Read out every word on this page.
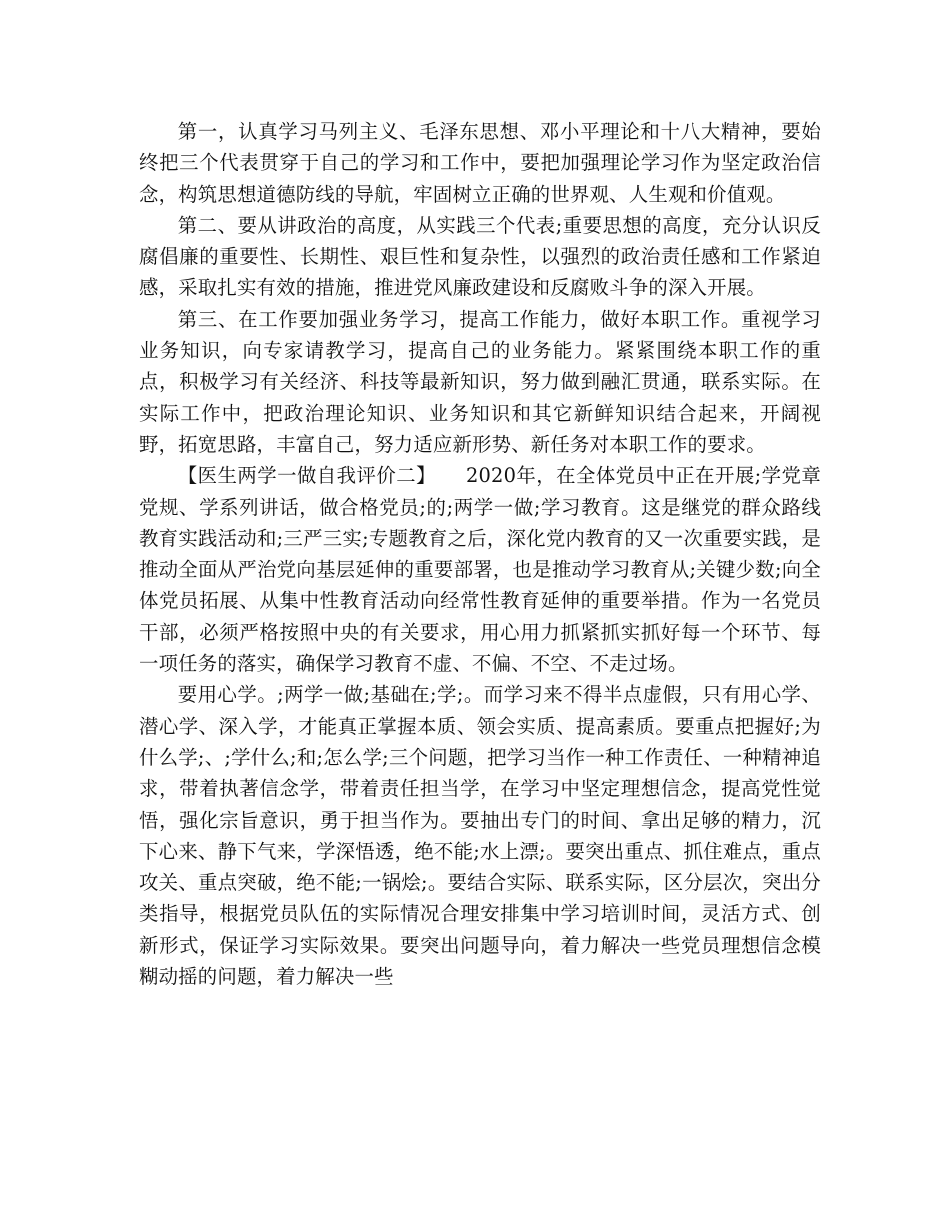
第一，认真学习马列主义、毛泽东思想、邓小平理论和十八大精神，要始终把三个代表贯穿于自己的学习和工作中，要把加强理论学习作为坚定政治信念，构筑思想道德防线的导航，牢固树立正确的世界观、人生观和价值观。

第二、要从讲政治的高度，从实践三个代表;重要思想的高度，充分认识反腐倡廉的重要性、长期性、艰巨性和复杂性，以强烈的政治责任感和工作紧迫感，采取扎实有效的措施，推进党风廉政建设和反腐败斗争的深入开展。

第三、在工作要加强业务学习，提高工作能力，做好本职工作。重视学习业务知识，向专家请教学习，提高自己的业务能力。紧紧围绕本职工作的重点，积极学习有关经济、科技等最新知识，努力做到融汇贯通，联系实际。在实际工作中，把政治理论知识、业务知识和其它新鲜知识结合起来，开阔视野，拓宽思路，丰富自己，努力适应新形势、新任务对本职工作的要求。

【医生两学一做自我评价二】　　2020年，在全体党员中正在开展;学党章党规、学系列讲话，做合格党员;的;两学一做;学习教育。这是继党的群众路线教育实践活动和;三严三实;专题教育之后，深化党内教育的又一次重要实践，是推动全面从严治党向基层延伸的重要部署，也是推动学习教育从;关键少数;向全体党员拓展、从集中性教育活动向经常性教育延伸的重要举措。作为一名党员干部，必须严格按照中央的有关要求，用心用力抓紧抓实抓好每一个环节、每一项任务的落实，确保学习教育不虚、不偏、不空、不走过场。

要用心学。;两学一做;基础在;学;。而学习来不得半点虚假，只有用心学、潜心学、深入学，才能真正掌握本质、领会实质、提高素质。要重点把握好;为什么学;、;学什么;和;怎么学;三个问题，把学习当作一种工作责任、一种精神追求，带着执著信念学，带着责任担当学，在学习中坚定理想信念，提高党性觉悟，强化宗旨意识，勇于担当作为。要抽出专门的时间、拿出足够的精力，沉下心来、静下气来，学深悟透，绝不能;水上漂;。要突出重点、抓住难点，重点攻关、重点突破，绝不能;一锅烩;。要结合实际、联系实际，区分层次，突出分类指导，根据党员队伍的实际情况合理安排集中学习培训时间，灵活方式、创新形式，保证学习实际效果。要突出问题导向，着力解决一些党员理想信念模糊动摇的问题，着力解决一些
